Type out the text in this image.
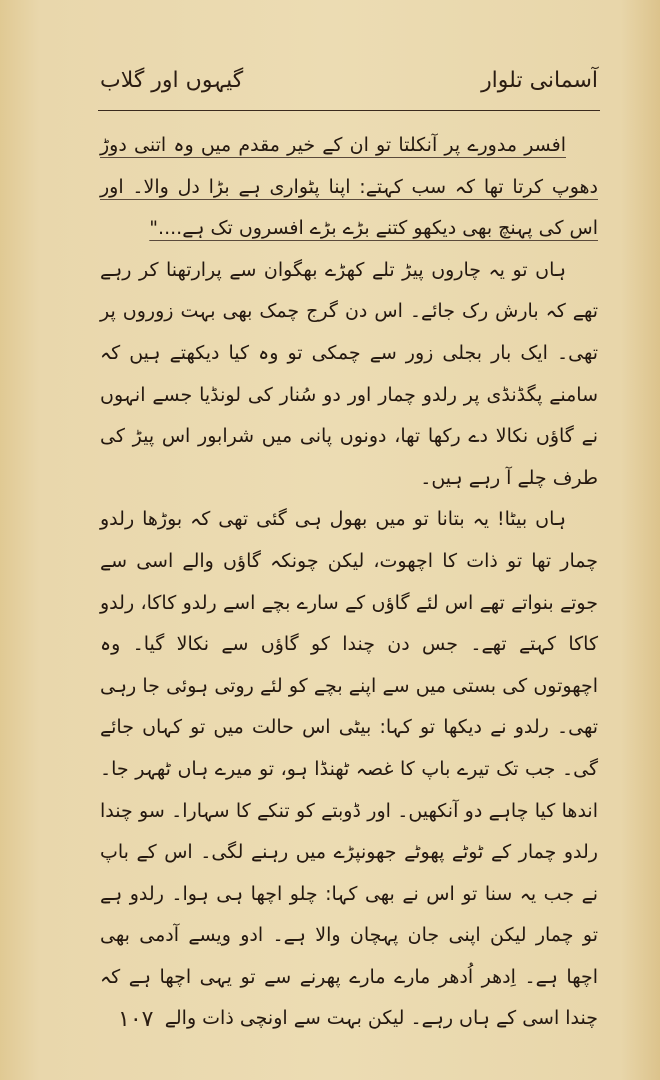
آسمانی تلوار
گیہوں اور گلاب

افسر مدورے پر آنکلتا تو ان کے خیر مقدم میں وہ اتنی دوڑ دھوپ کرتا تھا کہ سب کہتے: اپنا پٹواری ہے بڑا دل والا۔ اور اس کی پہنچ بھی دیکھو کتنے بڑے بڑے افسروں تک ہے...."

ہاں تو یہ چاروں پیڑ تلے کھڑے بھگوان سے پرارتھنا کر رہے تھے کہ بارش رک جائے۔ اس دن گرج چمک بھی بہت زوروں پر تھی۔ ایک بار بجلی زور سے چمکی تو وہ کیا دیکھتے ہیں کہ سامنے پگڈنڈی پر رلدو چمار اور دو سُنار کی لونڈیا جسے انہوں نے گاؤں نکالا دے رکھا تھا، دونوں پانی میں شرابور اس پیڑ کی طرف چلے آ رہے ہیں۔

ہاں بیٹا! یہ بتانا تو میں بھول ہی گئی تھی کہ بوڑھا رلدو چمار تھا تو ذات کا اچھوت، لیکن چونکہ گاؤں والے اسی سے جوتے بنواتے تھے اس لئے گاؤں کے سارے بچے اسے رلدو کاکا، رلدو کاکا کہتے تھے۔ جس دن چندا کو گاؤں سے نکالا گیا۔ وہ اچھوتوں کی بستی میں سے اپنے بچے کو لئے روتی ہوئی جا رہی تھی۔ رلدو نے دیکھا تو کہا: بیٹی اس حالت میں تو کہاں جائے گی۔ جب تک تیرے باپ کا غصہ ٹھنڈا ہو، تو میرے ہاں ٹھہر جا۔ اندھا کیا چاہے دو آنکھیں۔ اور ڈوبتے کو تنکے کا سہارا۔ سو چندا رلدو چمار کے ٹوٹے پھوٹے جھونپڑے میں رہنے لگی۔ اس کے باپ نے جب یہ سنا تو اس نے بھی کہا: چلو اچھا ہی ہوا۔ رلدو ہے تو چمار لیکن اپنی جان پہچان والا ہے۔ ادو ویسے آدمی بھی اچھا ہے۔ اِدھر اُدھر مارے مارے پھرنے سے تو یہی اچھا ہے کہ چندا اسی کے ہاں رہے۔ لیکن بہت سے اونچی ذات والے

۱۰۷
